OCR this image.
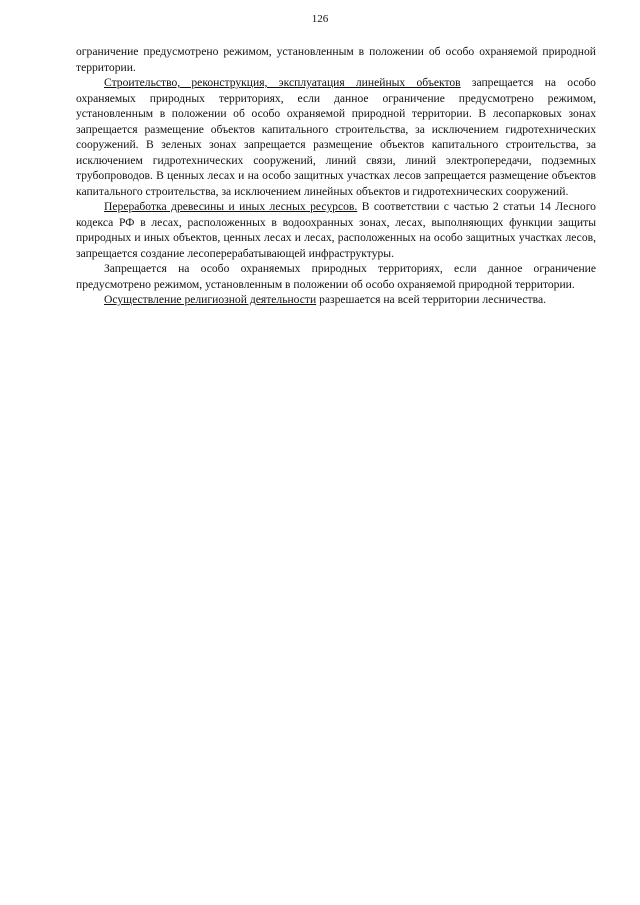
126

ограничение предусмотрено режимом, установленным в положении об особо охраняемой природной территории.

Строительство, реконструкция, эксплуатация линейных объектов запрещается на особо охраняемых природных территориях, если данное ограничение предусмотрено режимом, установленным в положении об особо охраняемой природной территории. В лесопарковых зонах запрещается размещение объектов капитального строительства, за исключением гидротехнических сооружений. В зеленых зонах запрещается размещение объектов капитального строительства, за исключением гидротехнических сооружений, линий связи, линий электропередачи, подземных трубопроводов. В ценных лесах и на особо защитных участках лесов запрещается размещение объектов капитального строительства, за исключением линейных объектов и гидротехнических сооружений.

Переработка древесины и иных лесных ресурсов. В соответствии с частью 2 статьи 14 Лесного кодекса РФ в лесах, расположенных в водоохранных зонах, лесах, выполняющих функции защиты природных и иных объектов, ценных лесах и лесах, расположенных на особо защитных участках лесов, запрещается создание лесоперерабатывающей инфраструктуры.

Запрещается на особо охраняемых природных территориях, если данное ограничение предусмотрено режимом, установленным в положении об особо охраняемой природной территории.

Осуществление религиозной деятельности разрешается на всей территории лесничества.
